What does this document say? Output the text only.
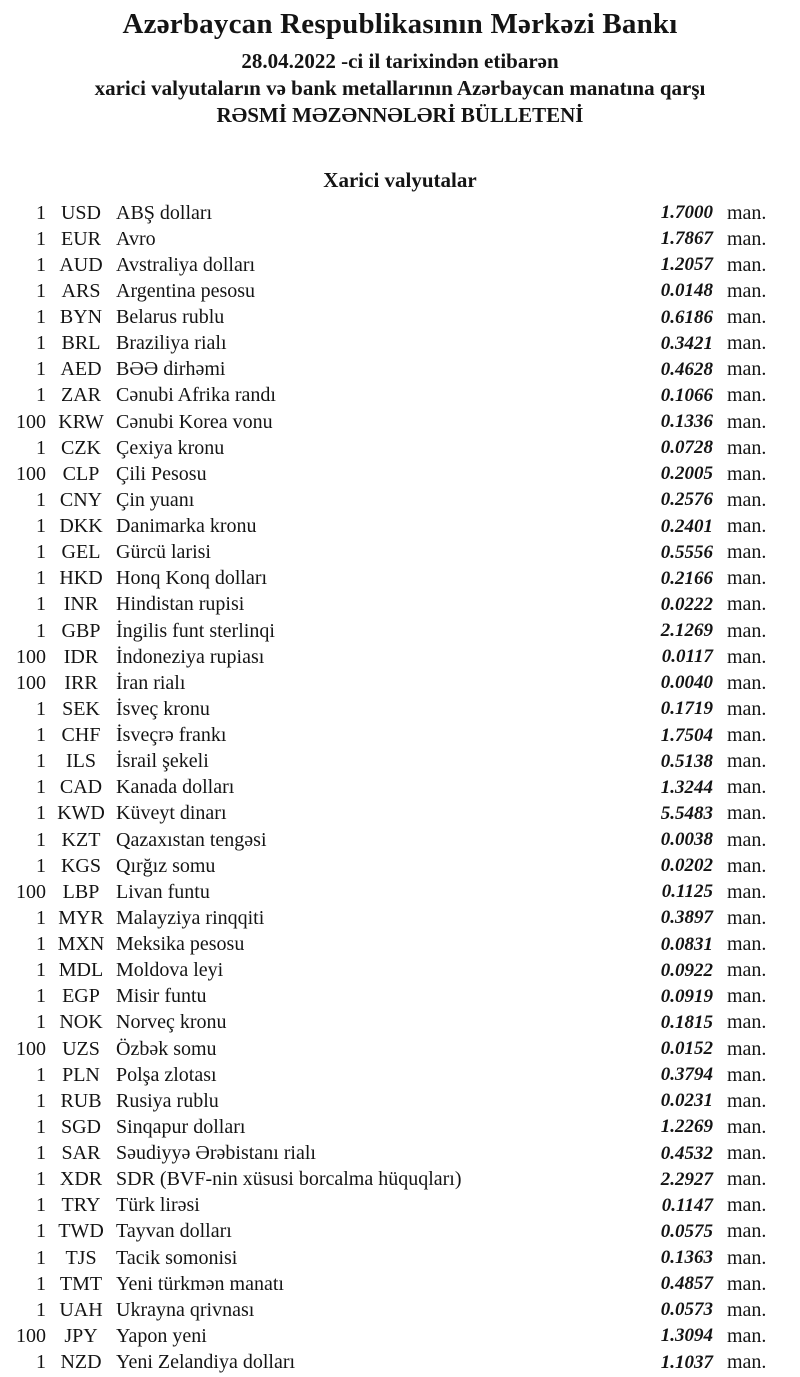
Azərbaycan Respublikasının Mərkəzi Bankı
28.04.2022 -ci il tarixindən etibarən
xarici valyutaların və bank metallarının Azərbaycan manatına qarşı
RƏSMİ MƏZƏNNƏLƏRİ BÜLLETENİ
Xarici valyutalar
1 USD ABŞ dolları	1.7000 man.
1 EUR Avro	1.7867 man.
1 AUD Avstraliya dolları	1.2057 man.
1 ARS Argentina pesosu	0.0148 man.
1 BYN Belarus rublu	0.6186 man.
1 BRL Braziliya rialı	0.3421 man.
1 AED BƏƏ dirhəmi	0.4628 man.
1 ZAR Cənubi Afrika randı	0.1066 man.
100 KRW Cənubi Korea vonu	0.1336 man.
1 CZK Çexiya kronu	0.0728 man.
100 CLP Çili Pesosu	0.2005 man.
1 CNY Çin yuanı	0.2576 man.
1 DKK Danimarka kronu	0.2401 man.
1 GEL Gürcü larisi	0.5556 man.
1 HKD Honq Konq dolları	0.2166 man.
1 INR Hindistan rupisi	0.0222 man.
1 GBP İngilis funt sterlinqi	2.1269 man.
100 IDR İndoneziya rupiası	0.0117 man.
100 IRR İran rialı	0.0040 man.
1 SEK İsveç kronu	0.1719 man.
1 CHF İsveçrə frankı	1.7504 man.
1	ILS	İsrail şekeli	0.5138 man.
1 CAD Kanada dolları	1.3244 man.
1 KWD Küveyt dinarı	5.5483 man.
1 KZT Qazaxıstan tengəsi	0.0038 man.
1 KGS Qırğız somu	0.0202 man.
100 LBP Livan funtu	0.1125 man.
1 MYR Malayziya rinqqiti	0.3897 man.
1 MXN Meksika pesosu	0.0831 man.
1 MDL Moldova leyi	0.0922 man.
1 EGP Misir funtu	0.0919 man.
1 NOK Norveç kronu	0.1815 man.
100 UZS Özbək somu	0.0152 man.
1 PLN Polşa zlotası	0.3794 man.
1 RUB Rusiya rublu	0.0231 man.
1 SGD Sinqapur dolları	1.2269 man.
1 SAR Səudiyyə Ərəbistanı rialı	0.4532 man.
1 XDR SDR (BVF-nin xüsusi borcalma hüquqları)	2.2927 man.
1 TRY Türk lirəsi	0.1147 man.
1 TWD Tayvan dolları	0.0575 man.
1 TJS Tacik somonisi	0.1363 man.
1 TMT Yeni türkmən manatı	0.4857 man.
1 UAH Ukrayna qrivnası	0.0573 man.
100 JPY Yapon yeni	1.3094 man.
1 NZD Yeni Zelandiya dolları	1.1037 man.
